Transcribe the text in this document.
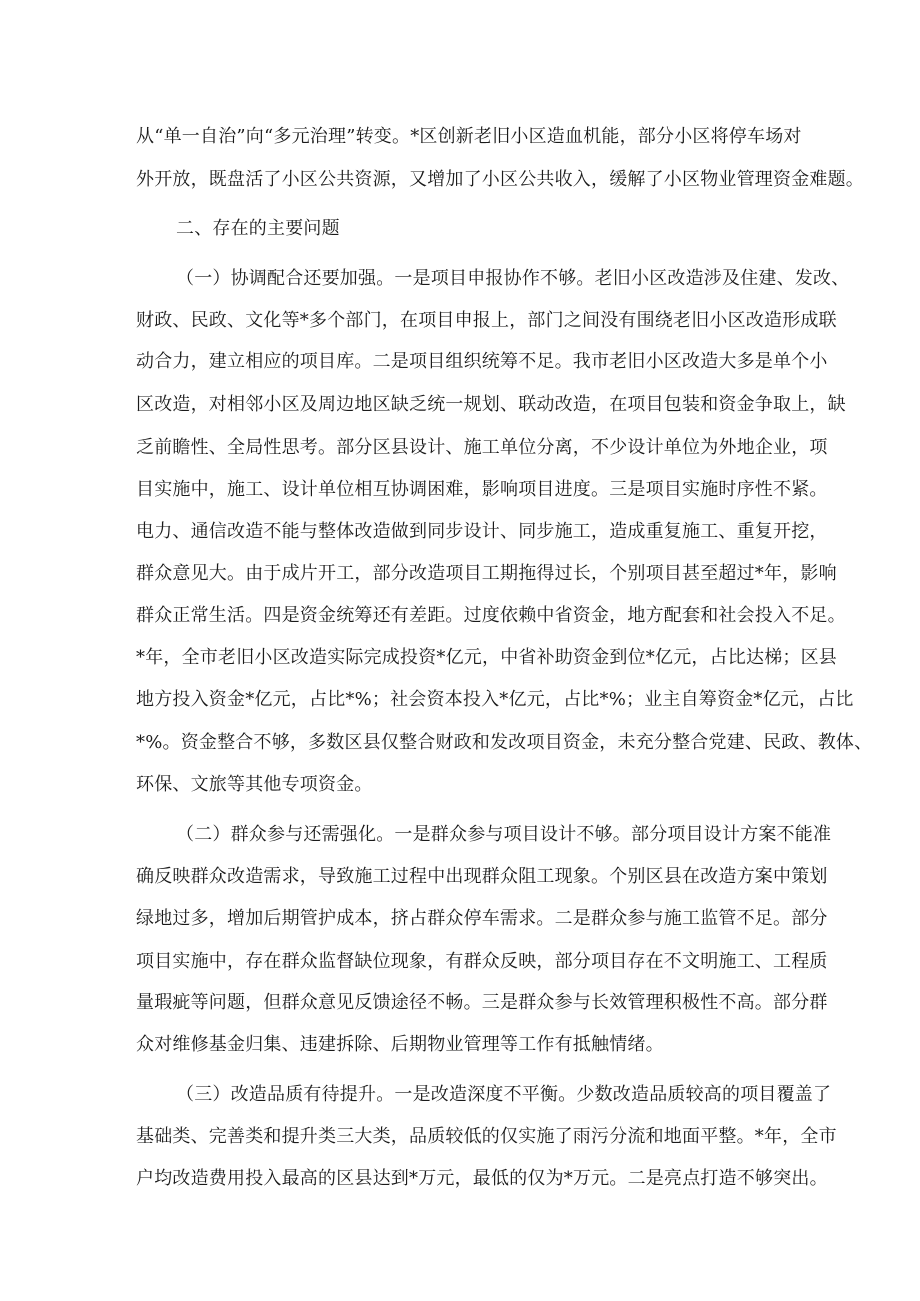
从“单一自治”向“多元治理”转变。*区创新老旧小区造血机能，部分小区将停车场对
外开放，既盘活了小区公共资源，又增加了小区公共收入，缓解了小区物业管理资金难题。
二、存在的主要问题
（一）协调配合还要加强。一是项目申报协作不够。老旧小区改造涉及住建、发改、
财政、民政、文化等*多个部门，在项目申报上，部门之间没有围绕老旧小区改造形成联
动合力，建立相应的项目库。二是项目组织统筹不足。我市老旧小区改造大多是单个小
区改造，对相邻小区及周边地区缺乏统一规划、联动改造，在项目包装和资金争取上，缺
乏前瞻性、全局性思考。部分区县设计、施工单位分离，不少设计单位为外地企业，项
目实施中，施工、设计单位相互协调困难，影响项目进度。三是项目实施时序性不紧。
电力、通信改造不能与整体改造做到同步设计、同步施工，造成重复施工、重复开挖，
群众意见大。由于成片开工，部分改造项目工期拖得过长，个别项目甚至超过*年，影响
群众正常生活。四是资金统筹还有差距。过度依赖中省资金，地方配套和社会投入不足。
*年，全市老旧小区改造实际完成投资*亿元，中省补助资金到位*亿元，占比达梯；区县
地方投入资金*亿元，占比*%；社会资本投入*亿元，占比*%；业主自筹资金*亿元，占比
*%。资金整合不够，多数区县仅整合财政和发改项目资金，未充分整合党建、民政、教体、
环保、文旅等其他专项资金。
（二）群众参与还需强化。一是群众参与项目设计不够。部分项目设计方案不能准
确反映群众改造需求，导致施工过程中出现群众阻工现象。个别区县在改造方案中策划
绿地过多，增加后期管护成本，挤占群众停车需求。二是群众参与施工监管不足。部分
项目实施中，存在群众监督缺位现象，有群众反映，部分项目存在不文明施工、工程质
量瑕疵等问题，但群众意见反馈途径不畅。三是群众参与长效管理积极性不高。部分群
众对维修基金归集、违建拆除、后期物业管理等工作有抵触情绪。
（三）改造品质有待提升。一是改造深度不平衡。少数改造品质较高的项目覆盖了
基础类、完善类和提升类三大类，品质较低的仅实施了雨污分流和地面平整。*年，全市
户均改造费用投入最高的区县达到*万元，最低的仅为*万元。二是亮点打造不够突出。
